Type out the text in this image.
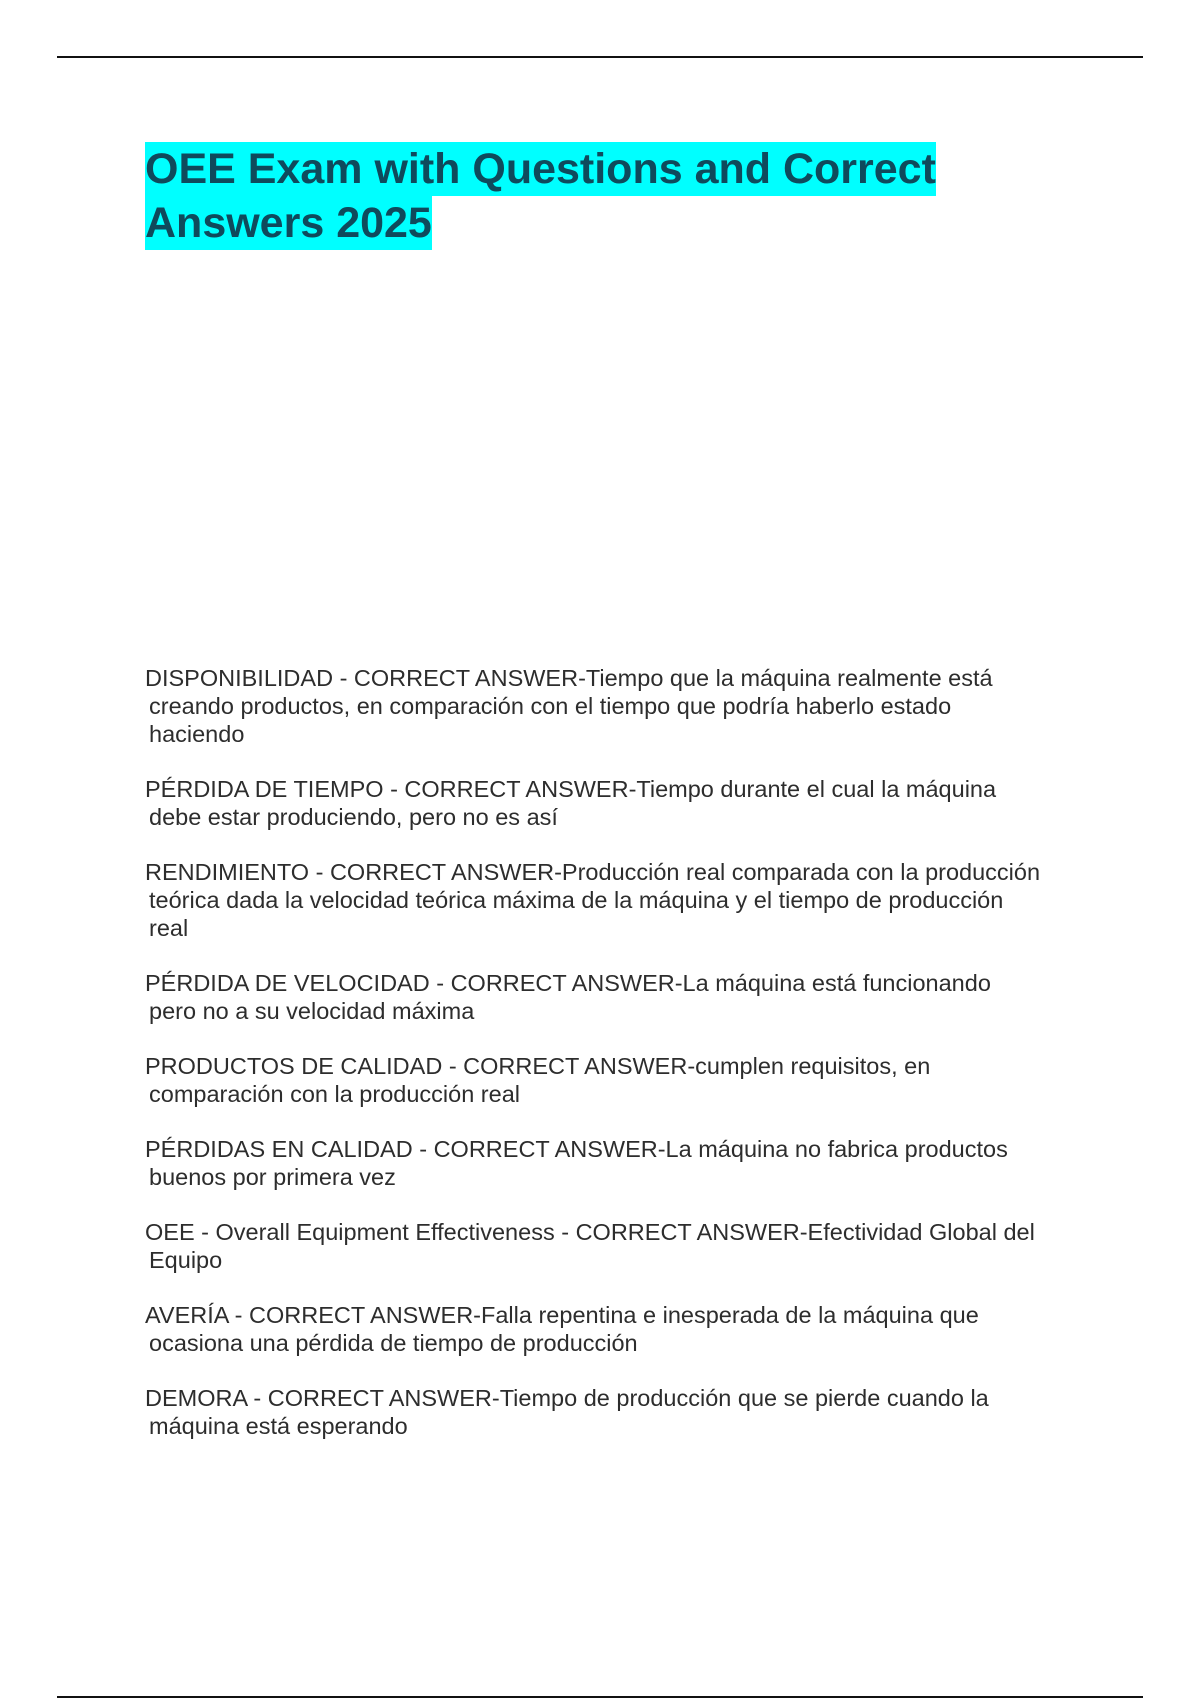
OEE Exam with Questions and Correct
Answers 2025
DISPONIBILIDAD - CORRECT ANSWER-Tiempo que la máquina realmente está
creando productos, en comparación con el tiempo que podría haberlo estado
haciendo
PÉRDIDA DE TIEMPO - CORRECT ANSWER-Tiempo durante el cual la máquina
debe estar produciendo, pero no es así
RENDIMIENTO - CORRECT ANSWER-Producción real comparada con la producción
teórica dada la velocidad teórica máxima de la máquina y el tiempo de producción
real
PÉRDIDA DE VELOCIDAD - CORRECT ANSWER-La máquina está funcionando
pero no a su velocidad máxima
PRODUCTOS DE CALIDAD - CORRECT ANSWER-cumplen requisitos, en
comparación con la producción real
PÉRDIDAS EN CALIDAD - CORRECT ANSWER-La máquina no fabrica productos
buenos por primera vez
OEE - Overall Equipment Effectiveness - CORRECT ANSWER-Efectividad Global del
Equipo
AVERÍA - CORRECT ANSWER-Falla repentina e inesperada de la máquina que
ocasiona una pérdida de tiempo de producción
DEMORA - CORRECT ANSWER-Tiempo de producción que se pierde cuando la
máquina está esperando
